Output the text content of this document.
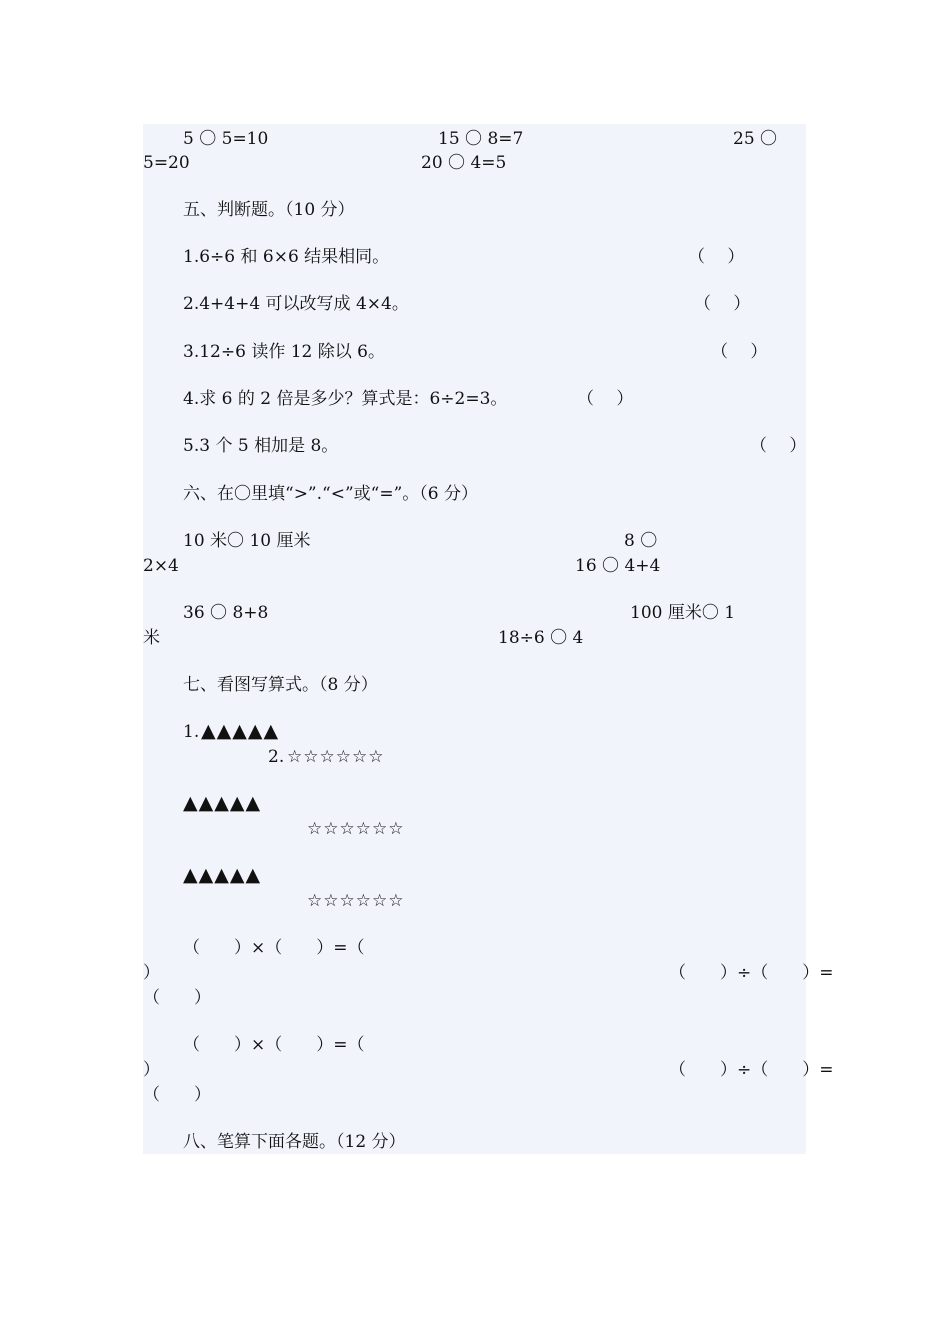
5 〇 5=10	15 〇 8=7	25 〇
5=20	20 〇 4=5
五、判断题。（10 分）
1.6÷6 和 6×6 结果相同。	（　 ）
2.4+4+4 可以改写成 4×4。	（　 ）
3.12÷6 读作 12 除以 6。	（　 ）
4.求 6 的 2 倍是多少？算式是：6÷2=3。	（　 ）
5.3 个 5 相加是 8。	（　 ）
六、在〇里填“>”.“<”或“=”。（6 分）
10 米〇 10 厘米	8 〇
2×4	16 〇 4+4
36 〇 8+8	100 厘米〇 1
米	18÷6 〇 4
七、看图写算式。（8 分）
1. ▲▲▲▲▲
2. ☆☆☆☆☆☆
▲▲▲▲▲
☆☆☆☆☆☆
▲▲▲▲▲
☆☆☆☆☆☆
（　　）×（　　）=（
）	（　　）÷（　　）=
（　　）
（　　）×（　　）=（
）	（　　）÷（　　）=
（　　）
八、笔算下面各题。（12 分）
